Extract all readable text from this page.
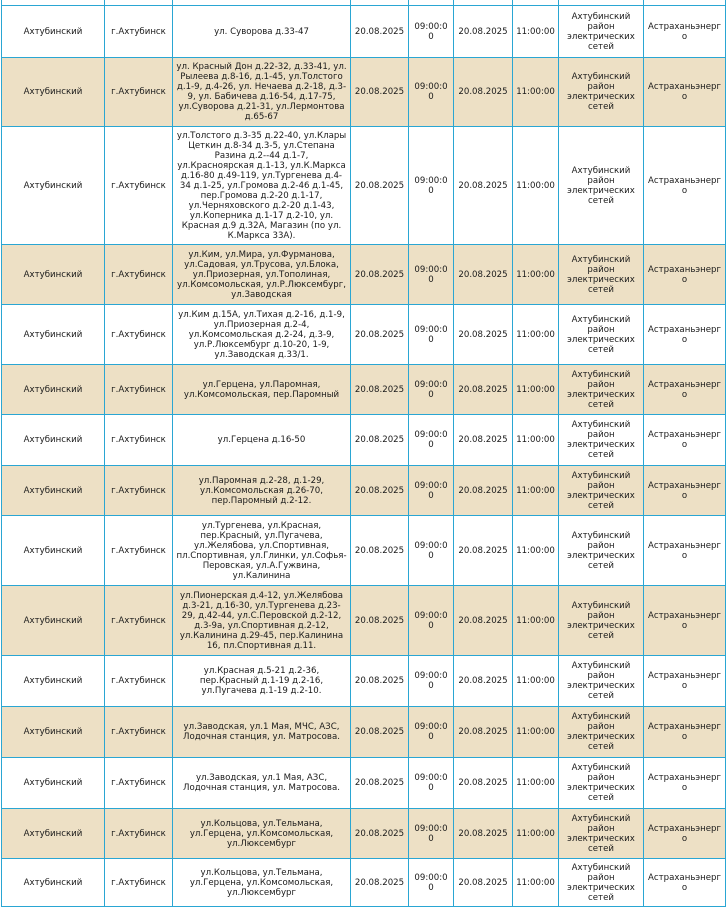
Ахтубинский	г.Ахтубинск	ул. Суворова д.33-47	20.08.2025	09:00:00	20.08.2025	11:00:00	Ахтубинский район электрических сетей	Астраханьэнерго
Ахтубинский	г.Ахтубинск	ул. Красный Дон д.22-32, д.33-41, ул. Рылеева д.8-16, д.1-45, ул.Толстого д.1-9, д.4-26, ул. Нечаева д.2-18, д.3-9, ул. Бабичева д.16-54, д.17-75, ул.Суворова д.21-31, ул.Лермонтова д.65-67	20.08.2025	09:00:00	20.08.2025	11:00:00	Ахтубинский район электрических сетей	Астраханьэнерго
Ахтубинский	г.Ахтубинск	ул.Толстого д.3-35 д.22-40, ул.Клары Цеткин д.8-34 д.3-5, ул.Степана Разина д.2--44 д.1-7, ул.Красноярская д.1-13, ул.К.Маркса д.16-80 д.49-119, ул.Тургенева д.4-34 д.1-25, ул.Громова д.2-46 д.1-45, пер.Громова д.2-20 д.1-17, ул.Черняховского д.2-20 д.1-43, ул.Коперника д.1-17 д.2-10, ул. Красная д.9 д.32А, Магазин (по ул. К.Маркса 33А).	20.08.2025	09:00:00	20.08.2025	11:00:00	Ахтубинский район электрических сетей	Астраханьэнерго
Ахтубинский	г.Ахтубинск	ул.Ким, ул.Мира, ул.Фурманова, ул.Садовая, ул.Трусова, ул.Блока, ул.Приозерная, ул.Тополиная, ул.Комсомольская, ул.Р.Люксембург, ул.Заводская	20.08.2025	09:00:00	20.08.2025	11:00:00	Ахтубинский район электрических сетей	Астраханьэнерго
Ахтубинский	г.Ахтубинск	ул.Ким д.15А, ул.Тихая д.2-16, д.1-9, ул.Приозерная д.2-4, ул.Комсомольская д.2-24, д.3-9, ул.Р.Люксембург д.10-20, 1-9, ул.Заводская д.33/1.	20.08.2025	09:00:00	20.08.2025	11:00:00	Ахтубинский район электрических сетей	Астраханьэнерго
Ахтубинский	г.Ахтубинск	ул.Герцена, ул.Паромная, ул.Комсомольская, пер.Паромный	20.08.2025	09:00:00	20.08.2025	11:00:00	Ахтубинский район электрических сетей	Астраханьэнерго
Ахтубинский	г.Ахтубинск	ул.Герцена д.16-50	20.08.2025	09:00:00	20.08.2025	11:00:00	Ахтубинский район электрических сетей	Астраханьэнерго
Ахтубинский	г.Ахтубинск	ул.Паромная д.2-28, д.1-29, ул.Комсомольская д.26-70, пер.Паромный д.2-12.	20.08.2025	09:00:00	20.08.2025	11:00:00	Ахтубинский район электрических сетей	Астраханьэнерго
Ахтубинский	г.Ахтубинск	ул.Тургенева, ул.Красная, пер.Красный, ул.Пугачева, ул.Желябова, ул.Спортивная, пл.Спортивная, ул.Глинки, ул.Софья-Перовская, ул.А.Гужвина, ул.Калинина	20.08.2025	09:00:00	20.08.2025	11:00:00	Ахтубинский район электрических сетей	Астраханьэнерго
Ахтубинский	г.Ахтубинск	ул.Пионерская д.4-12, ул.Желябова д.3-21, д.16-30, ул.Тургенева д.23-29, д.42-44, ул.С.Перовской д.2-12, д.3-9а, ул.Спортивная д.2-12, ул.Калинина д.29-45, пер.Калинина 16, пл.Спортивная д.11.	20.08.2025	09:00:00	20.08.2025	11:00:00	Ахтубинский район электрических сетей	Астраханьэнерго
Ахтубинский	г.Ахтубинск	ул.Красная д.5-21 д.2-36, пер.Красный д.1-19 д.2-16, ул.Пугачева д.1-19 д.2-10.	20.08.2025	09:00:00	20.08.2025	11:00:00	Ахтубинский район электрических сетей	Астраханьэнерго
Ахтубинский	г.Ахтубинск	ул.Заводская, ул.1 Мая, МЧС, АЗС, Лодочная станция, ул. Матросова.	20.08.2025	09:00:00	20.08.2025	11:00:00	Ахтубинский район электрических сетей	Астраханьэнерго
Ахтубинский	г.Ахтубинск	ул.Заводская, ул.1 Мая, АЗС, Лодочная станция, ул. Матросова.	20.08.2025	09:00:00	20.08.2025	11:00:00	Ахтубинский район электрических сетей	Астраханьэнерго
Ахтубинский	г.Ахтубинск	ул.Кольцова, ул.Тельмана, ул.Герцена, ул.Комсомольская, ул.Люксембург	20.08.2025	09:00:00	20.08.2025	11:00:00	Ахтубинский район электрических сетей	Астраханьэнерго
Ахтубинский	г.Ахтубинск	ул.Кольцова, ул.Тельмана, ул.Герцена, ул.Комсомольская, ул.Люксембург	20.08.2025	09:00:00	20.08.2025	11:00:00	Ахтубинский район электрических сетей	Астраханьэнерго
